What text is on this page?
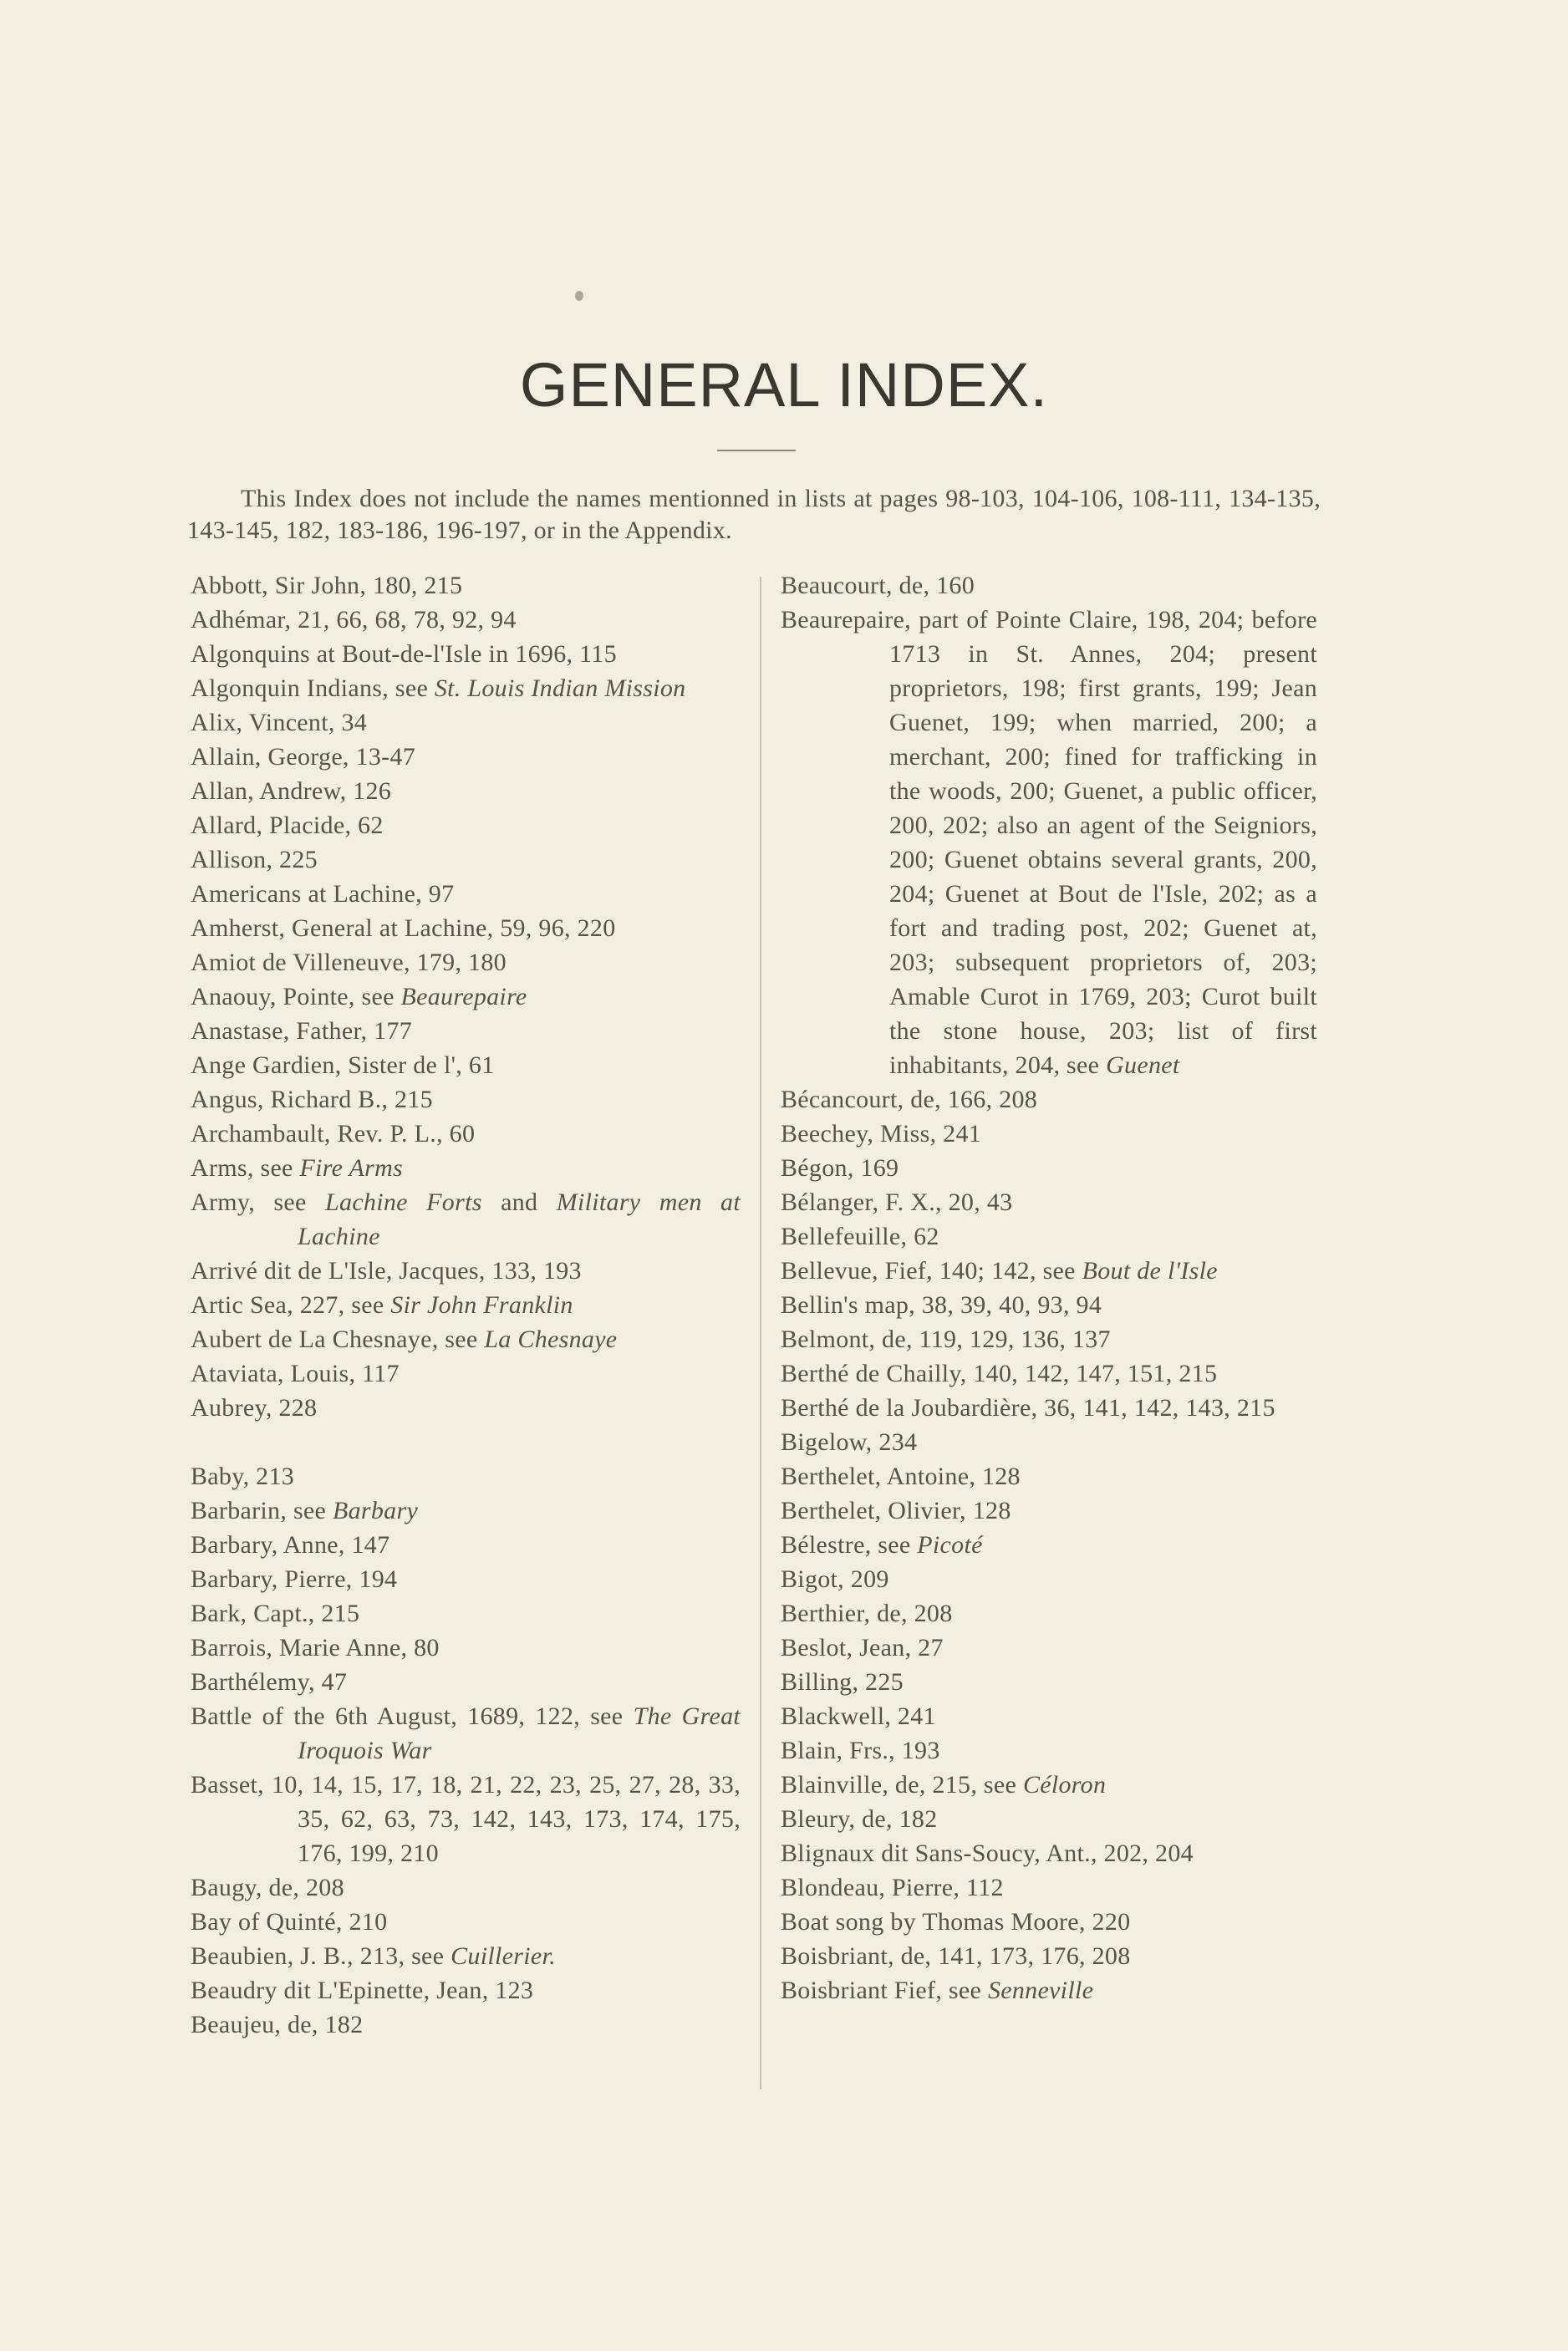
GENERAL INDEX.
This Index does not include the names mentionned in lists at pages 98-103, 104-106, 108-111, 134-135, 143-145, 182, 183-186, 196-197, or in the Appendix.
Abbott, Sir John, 180, 215
Adhémar, 21, 66, 68, 78, 92, 94
Algonquins at Bout-de-l'Isle in 1696, 115
Algonquin Indians, see St. Louis Indian Mission
Alix, Vincent, 34
Allain, George, 13-47
Allan, Andrew, 126
Allard, Placide, 62
Allison, 225
Americans at Lachine, 97
Amherst, General at Lachine, 59, 96, 220
Amiot de Villeneuve, 179, 180
Anaouy, Pointe, see Beaurepaire
Anastase, Father, 177
Ange Gardien, Sister de l', 61
Angus, Richard B., 215
Archambault, Rev. P. L., 60
Arms, see Fire Arms
Army, see Lachine Forts and Military men at Lachine
Arrivé dit de L'Isle, Jacques, 133, 193
Artic Sea, 227, see Sir John Franklin
Aubert de La Chesnaye, see La Chesnaye
Ataviata, Louis, 117
Aubrey, 228
Baby, 213
Barbarin, see Barbary
Barbary, Anne, 147
Barbary, Pierre, 194
Bark, Capt., 215
Barrois, Marie Anne, 80
Barthélemy, 47
Battle of the 6th August, 1689, 122, see The Great Iroquois War
Basset, 10, 14, 15, 17, 18, 21, 22, 23, 25, 27, 28, 33, 35, 62, 63, 73, 142, 143, 173, 174, 175, 176, 199, 210
Baugy, de, 208
Bay of Quinté, 210
Beaubien, J. B., 213, see Cuillerier.
Beaudry dit L'Epinette, Jean, 123
Beaujeu, de, 182
Beaucourt, de, 160
Beaurepaire, part of Pointe Claire, 198, 204; before 1713 in St. Annes, 204; present proprietors, 198; first grants, 199; Jean Guenet, 199; when married, 200; a merchant, 200; fined for trafficking in the woods, 200; Guenet, a public officer, 200, 202; also an agent of the Seigniors, 200; Guenet obtains several grants, 200, 204; Guenet at Bout de l'Isle, 202; as a fort and trading post, 202; Guenet at, 203; subsequent proprietors of, 203; Amable Curot in 1769, 203; Curot built the stone house, 203; list of first inhabitants, 204, see Guenet
Bécancourt, de, 166, 208
Beechey, Miss, 241
Bégon, 169
Bélanger, F. X., 20, 43
Bellefeuille, 62
Bellevue, Fief, 140; 142, see Bout de l'Isle
Bellin's map, 38, 39, 40, 93, 94
Belmont, de, 119, 129, 136, 137
Berthé de Chailly, 140, 142, 147, 151, 215
Berthé de la Joubardière, 36, 141, 142, 143, 215
Bigelow, 234
Berthelet, Antoine, 128
Berthelet, Olivier, 128
Bélestre, see Picoté
Bigot, 209
Berthier, de, 208
Beslot, Jean, 27
Billing, 225
Blackwell, 241
Blain, Frs., 193
Blainville, de, 215, see Céloron
Bleury, de, 182
Blignaux dit Sans-Soucy, Ant., 202, 204
Blondeau, Pierre, 112
Boat song by Thomas Moore, 220
Boisbriant, de, 141, 173, 176, 208
Boisbriant Fief, see Senneville
